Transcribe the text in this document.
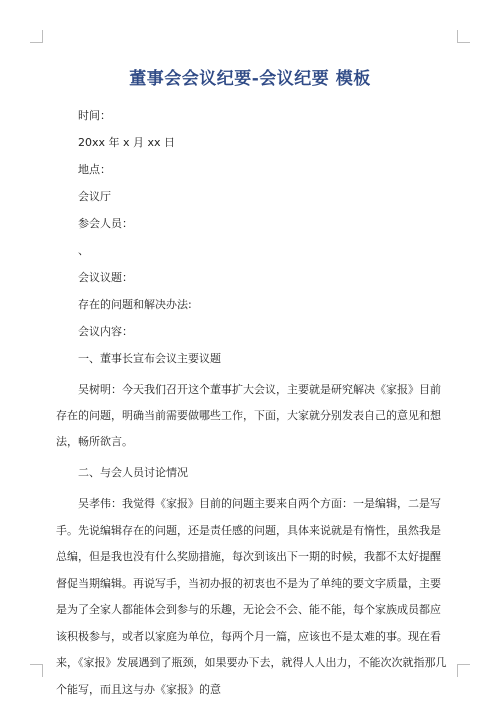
董事会会议纪要-会议纪要 模板

时间：

20xx 年 x 月 xx 日

地点：

会议厅

参会人员：

、

会议议题：

存在的问题和解决办法:

会议内容：

一、董事长宣布会议主要议题

吴树明：今天我们召开这个董事扩大会议，主要就是研究解决《家报》目前存在的问题，明确当前需要做哪些工作，下面，大家就分别发表自己的意见和想法，畅所欲言。

二、与会人员讨论情况

吴孝伟：我觉得《家报》目前的问题主要来自两个方面：一是编辑，二是写手。先说编辑存在的问题，还是责任感的问题，具体来说就是有惰性，虽然我是总编，但是我也没有什么奖励措施，每次到该出下一期的时候，我都不太好提醒督促当期编辑。再说写手，当初办报的初衷也不是为了单纯的要文字质量，主要是为了全家人都能体会到参与的乐趣，无论会不会、能不能，每个家族成员都应该积极参与，或者以家庭为单位，每两个月一篇，应该也不是太难的事。现在看来，《家报》发展遇到了瓶颈，如果要办下去，就得人人出力，不能次次就指那几个能写，而且这与办《家报》的意
